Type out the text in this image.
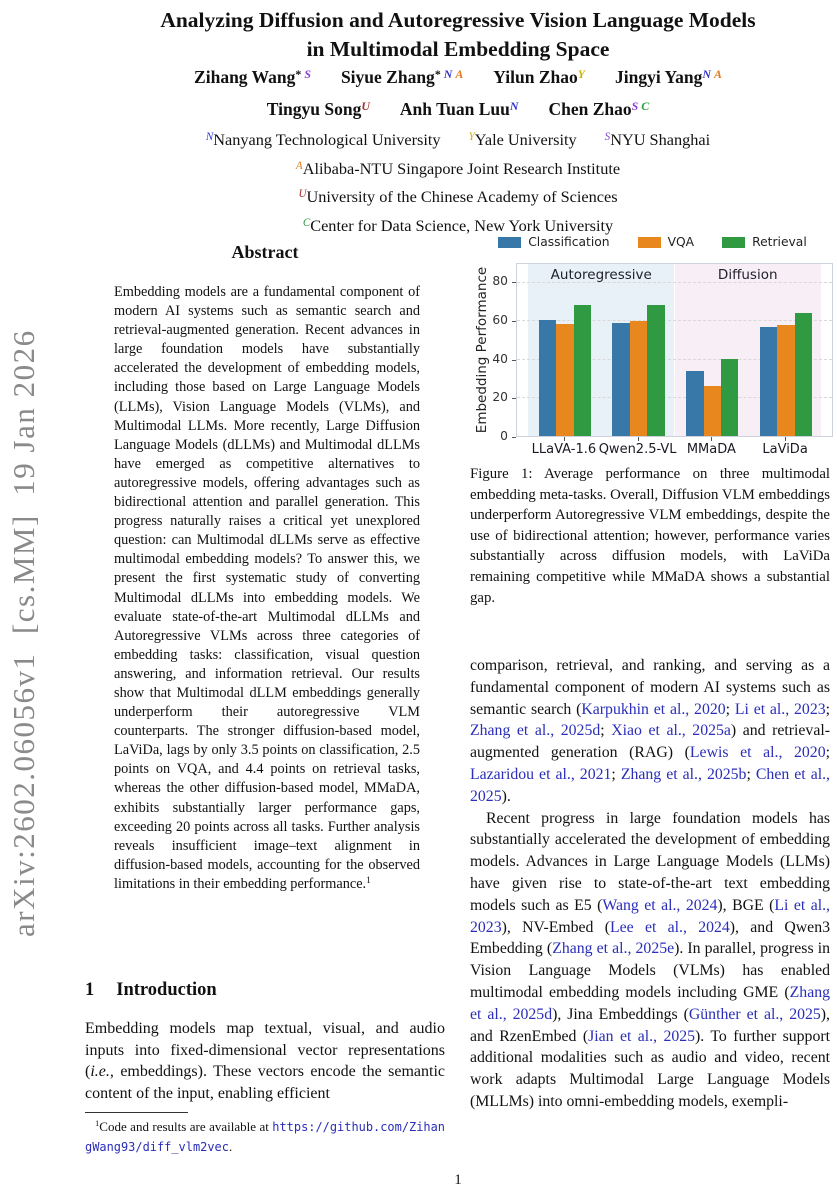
arXiv:2602.06056v1  [cs.MM]  19 Jan 2026
Analyzing Diffusion and Autoregressive Vision Language Models
in Multimodal Embedding Space
Zihang Wang* $^S$ Siyue Zhang* $^N$ $^A$ Yilun Zhao$^Y$ Jingyi Yang$^N$ $^A$
Tingyu Song$^U$ Anh Tuan Luu$^N$ Chen Zhao$^S$ $^C$
$^N$Nanyang Technological University	$^Y$Yale University	$^S$NYU Shanghai
$^A$Alibaba-NTU Singapore Joint Research Institute
$^U$University of the Chinese Academy of Sciences
$^C$Center for Data Science, New York University
Abstract
Embedding models are a fundamental component of modern AI systems such as semantic search and retrieval-augmented generation. Recent advances in large foundation models have substantially accelerated the development of embedding models, including those based on Large Language Models (LLMs), Vision Language Models (VLMs), and Multimodal LLMs. More recently, Large Diffusion Language Models (dLLMs) and Multimodal dLLMs have emerged as competitive alternatives to autoregressive models, offering advantages such as bidirectional attention and parallel generation. This progress naturally raises a critical yet unexplored question: can Multimodal dLLMs serve as effective multimodal embedding models? To answer this, we present the first systematic study of converting Multimodal dLLMs into embedding models. We evaluate state-of-the-art Multimodal dLLMs and Autoregressive VLMs across three categories of embedding tasks: classification, visual question answering, and information retrieval. Our results show that Multimodal dLLM embeddings generally underperform their autoregressive VLM counterparts. The stronger diffusion-based model, LaViDa, lags by only 3.5 points on classification, 2.5 points on VQA, and 4.4 points on retrieval tasks, whereas the other diffusion-based model, MMaDA, exhibits substantially larger performance gaps, exceeding 20 points across all tasks. Further analysis reveals insufficient image–text alignment in diffusion-based models, accounting for the observed limitations in their embedding performance.$^1$
1 Introduction
Embedding models map textual, visual, and audio inputs into fixed-dimensional vector representations (i.e., embeddings). These vectors encode the semantic content of the input, enabling efficient
$^1$Code and results are available at https://github.com/ZihangWang93/diff_vlm2vec.
Classification	VQA	Retrieval
Autoregressive	Diffusion
LLaVA-1.6 Qwen2.5-VL MMaDA	LaViDa
0
20
40
60
80
Embedding Performance
Figure 1: Average performance on three multimodal embedding meta-tasks. Overall, Diffusion VLM embeddings underperform Autoregressive VLM embeddings, despite the use of bidirectional attention; however, performance varies substantially across diffusion models, with LaViDa remaining competitive while MMaDA shows a substantial gap.

comparison, retrieval, and ranking, and serving as a fundamental component of modern AI systems such as semantic search (Karpukhin et al., 2020; Li et al., 2023; Zhang et al., 2025d; Xiao et al., 2025a) and retrieval-augmented generation (RAG) (Lewis et al., 2020; Lazaridou et al., 2021; Zhang et al., 2025b; Chen et al., 2025).

Recent progress in large foundation models has substantially accelerated the development of embedding models. Advances in Large Language Models (LLMs) have given rise to state-of-the-art text embedding models such as E5 (Wang et al., 2024), BGE (Li et al., 2023), NV-Embed (Lee et al., 2024), and Qwen3 Embedding (Zhang et al., 2025e). In parallel, progress in Vision Language Models (VLMs) has enabled multimodal embedding models including GME (Zhang et al., 2025d), Jina Embeddings (Günther et al., 2025), and RzenEmbed (Jian et al., 2025). To further support additional modalities such as audio and video, recent work adapts Multimodal Large Language Models (MLLMs) into omni-embedding models, exempli-

1
